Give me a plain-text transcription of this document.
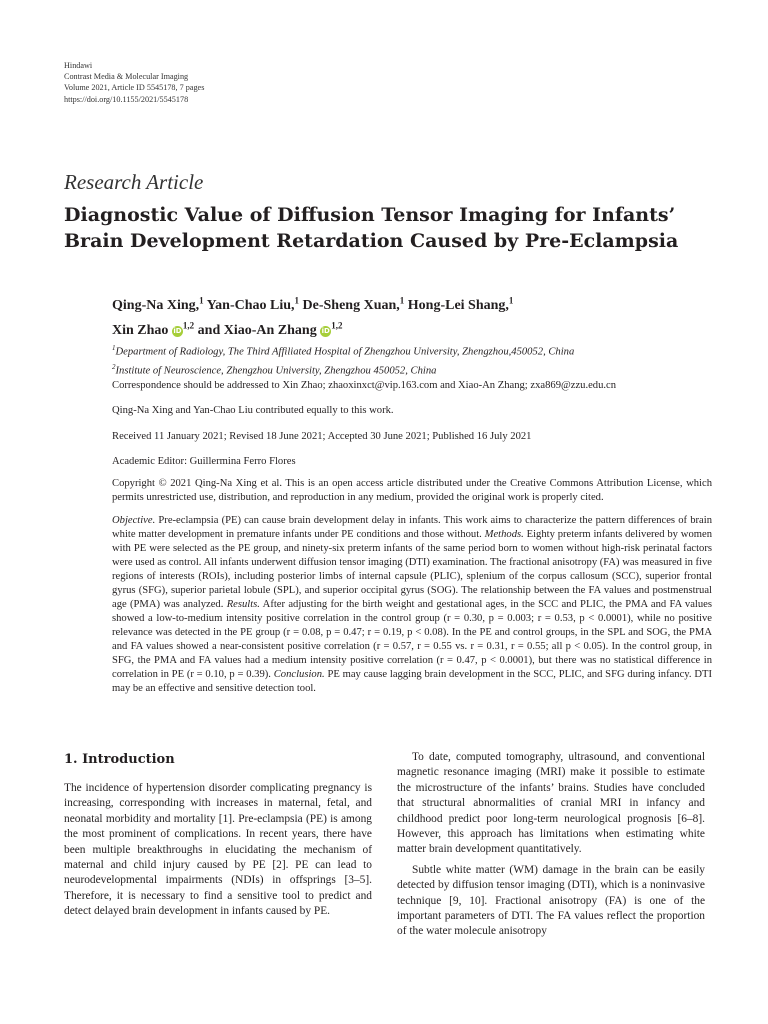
Hindawi
Contrast Media & Molecular Imaging
Volume 2021, Article ID 5545178, 7 pages
https://doi.org/10.1155/2021/5545178
Research Article
Diagnostic Value of Diffusion Tensor Imaging for Infants’ Brain Development Retardation Caused by Pre-Eclampsia
Qing-Na Xing,$^1$ Yan-Chao Liu,$^1$ De-Sheng Xuan,$^1$ Hong-Lei Shang,$^1$
Xin Zhao iD$^{1,2}$ and Xiao-An Zhang iD$^{1,2}$
$^1$Department of Radiology, The Third Affiliated Hospital of Zhengzhou University, Zhengzhou,450052, China
$^2$Institute of Neuroscience, Zhengzhou University, Zhengzhou 450052, China
Correspondence should be addressed to Xin Zhao; zhaoxinxct@vip.163.com and Xiao-An Zhang; zxa869@zzu.edu.cn
Qing-Na Xing and Yan-Chao Liu contributed equally to this work.
Received 11 January 2021; Revised 18 June 2021; Accepted 30 June 2021; Published 16 July 2021
Academic Editor: Guillermina Ferro Flores
Copyright © 2021 Qing-Na Xing et al. This is an open access article distributed under the Creative Commons Attribution License, which permits unrestricted use, distribution, and reproduction in any medium, provided the original work is properly cited.
Objective. Pre-eclampsia (PE) can cause brain development delay in infants. This work aims to characterize the pattern differences of brain white matter development in premature infants under PE conditions and those without. Methods. Eighty preterm infants delivered by women with PE were selected as the PE group, and ninety-six preterm infants of the same period born to women without high-risk perinatal factors were used as control. All infants underwent diffusion tensor imaging (DTI) examination. The fractional anisotropy (FA) was measured in five regions of interests (ROIs), including posterior limbs of internal capsule (PLIC), splenium of the corpus callosum (SCC), superior frontal gyrus (SFG), superior parietal lobule (SPL), and superior occipital gyrus (SOG). The relationship between the FA values and postmenstrual age (PMA) was analyzed. Results. After adjusting for the birth weight and gestational ages, in the SCC and PLIC, the PMA and FA values showed a low-to-medium intensity positive correlation in the control group (r = 0.30, p = 0.003; r = 0.53, p < 0.0001), while no positive relevance was detected in the PE group (r = 0.08, p = 0.47; r = 0.19, p < 0.08). In the PE and control groups, in the SPL and SOG, the PMA and FA values showed a near-consistent positive correlation (r = 0.57, r = 0.55 vs. r = 0.31, r = 0.55; all p < 0.05). In the control group, in SFG, the PMA and FA values had a medium intensity positive correlation (r = 0.47, p < 0.0001), but there was no statistical difference in correlation in PE (r = 0.10, p = 0.39). Conclusion. PE may cause lagging brain development in the SCC, PLIC, and SFG during infancy. DTI may be an effective and sensitive detection tool.
1. Introduction

The incidence of hypertension disorder complicating pregnancy is increasing, corresponding with increases in maternal, fetal, and neonatal morbidity and mortality [1]. Pre-eclampsia (PE) is among the most prominent of complications. In recent years, there have been multiple breakthroughs in elucidating the mechanism of maternal and child injury caused by PE [2]. PE can lead to neurodevelopmental impairments (NDIs) in offsprings [3–5]. Therefore, it is necessary to find a sensitive tool to predict and detect delayed brain development in infants caused by PE.

To date, computed tomography, ultrasound, and conventional magnetic resonance imaging (MRI) make it possible to estimate the microstructure of the infants’ brains. Studies have concluded that structural abnormalities of cranial MRI in infancy and childhood predict poor long-term neurological prognosis [6–8]. However, this approach has limitations when estimating white matter brain development quantitatively.

Subtle white matter (WM) damage in the brain can be easily detected by diffusion tensor imaging (DTI), which is a noninvasive technique [9, 10]. Fractional anisotropy (FA) is one of the important parameters of DTI. The FA values reflect the proportion of the water molecule anisotropy
